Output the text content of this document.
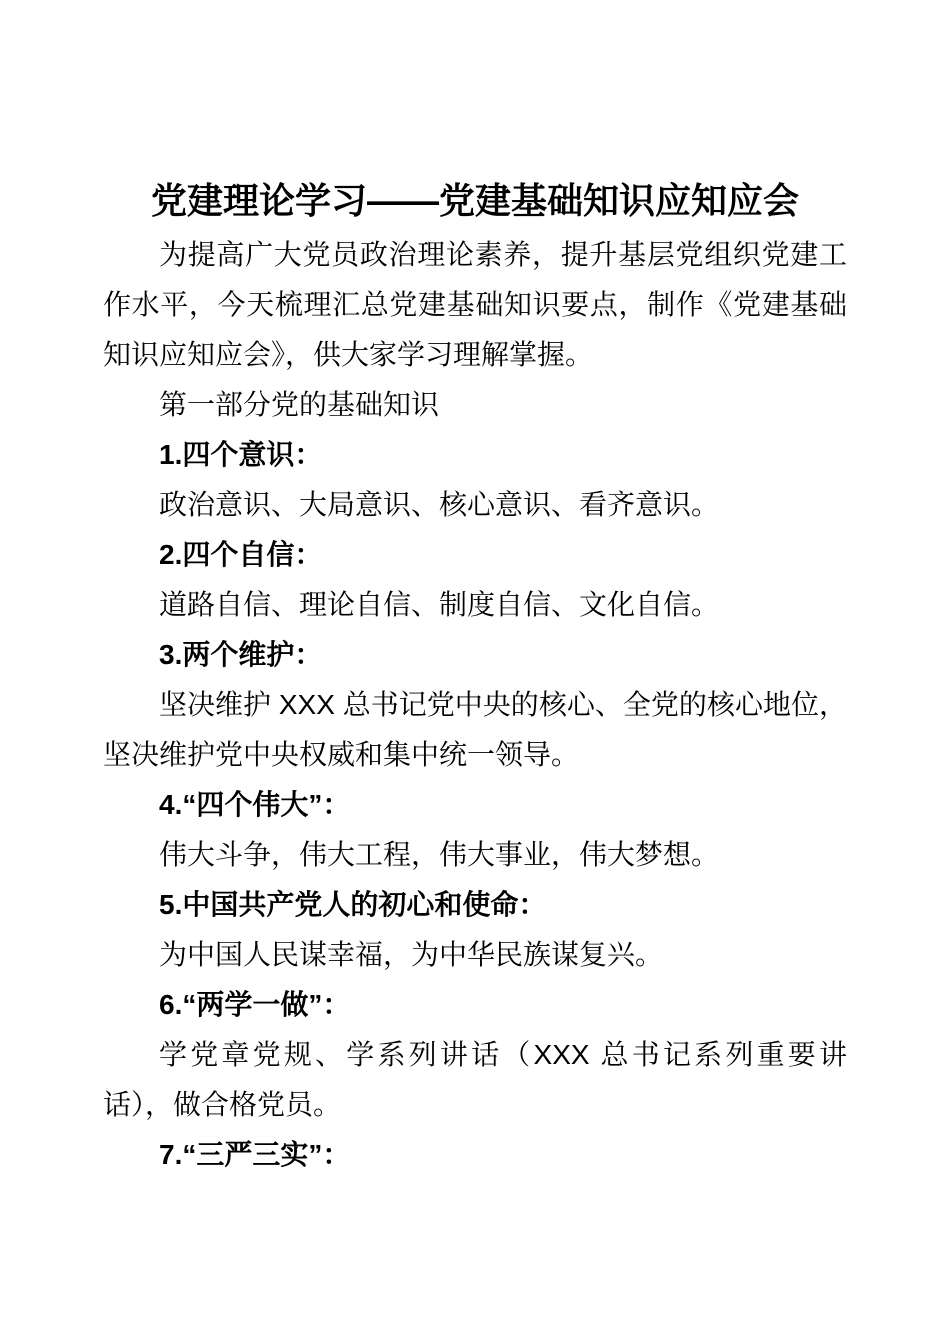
党建理论学习——党建基础知识应知应会

为提高广大党员政治理论素养，提升基层党组织党建工作水平，今天梳理汇总党建基础知识要点，制作《党建基础知识应知应会》，供大家学习理解掌握。

第一部分党的基础知识

1.四个意识：

政治意识、大局意识、核心意识、看齐意识。

2.四个自信：

道路自信、理论自信、制度自信、文化自信。

3.两个维护：

坚决维护 XXX 总书记党中央的核心、全党的核心地位，坚决维护党中央权威和集中统一领导。

4.“四个伟大”：

伟大斗争，伟大工程，伟大事业，伟大梦想。

5.中国共产党人的初心和使命：

为中国人民谋幸福，为中华民族谋复兴。

6.“两学一做”：

学党章党规、学系列讲话（XXX 总书记系列重要讲话），做合格党员。

7.“三严三实”：
